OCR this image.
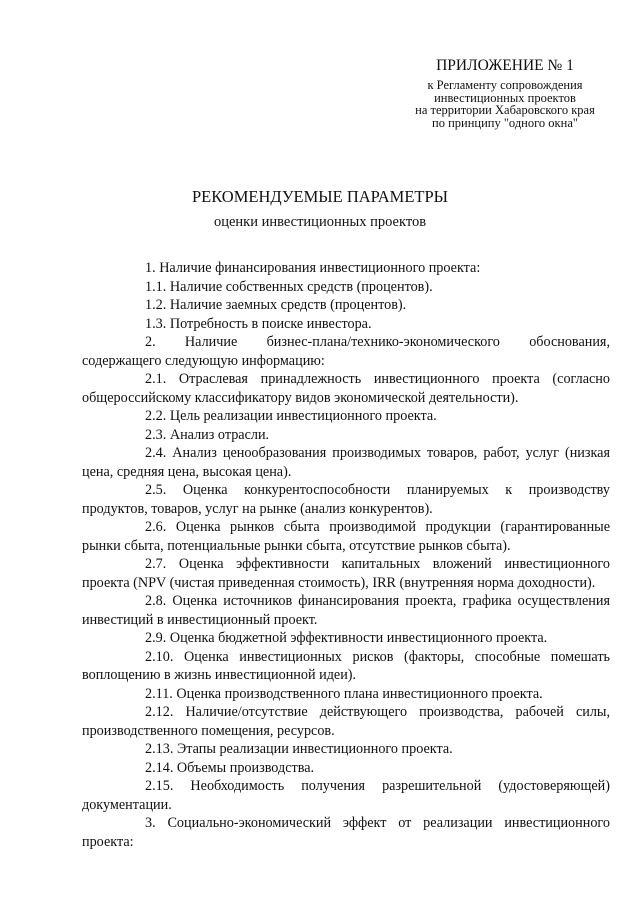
ПРИЛОЖЕНИЕ № 1
к Регламенту сопровождения
инвестиционных проектов
на территории Хабаровского края
по принципу "одного окна"
РЕКОМЕНДУЕМЫЕ ПАРАМЕТРЫ
оценки инвестиционных проектов

1. Наличие финансирования инвестиционного проекта:

1.1. Наличие собственных средств (процентов).

1.2. Наличие заемных средств (процентов).

1.3. Потребность в поиске инвестора.

2. Наличие бизнес-плана/технико-экономического обоснования, содержащего следующую информацию:

2.1. Отраслевая принадлежность инвестиционного проекта (согласно общероссийскому классификатору видов экономической деятельности).

2.2. Цель реализации инвестиционного проекта.

2.3. Анализ отрасли.

2.4. Анализ ценообразования производимых товаров, работ, услуг (низкая цена, средняя цена, высокая цена).

2.5. Оценка конкурентоспособности планируемых к производству продуктов, товаров, услуг на рынке (анализ конкурентов).

2.6. Оценка рынков сбыта производимой продукции (гарантированные рынки сбыта, потенциальные рынки сбыта, отсутствие рынков сбыта).

2.7. Оценка эффективности капитальных вложений инвестиционного проекта (NPV (чистая приведенная стоимость), IRR (внутренняя норма доходности).

2.8. Оценка источников финансирования проекта, графика осуществления инвестиций в инвестиционный проект.

2.9. Оценка бюджетной эффективности инвестиционного проекта.

2.10. Оценка инвестиционных рисков (факторы, способные помешать воплощению в жизнь инвестиционной идеи).

2.11. Оценка производственного плана инвестиционного проекта.

2.12. Наличие/отсутствие действующего производства, рабочей силы, производственного помещения, ресурсов.

2.13. Этапы реализации инвестиционного проекта.

2.14. Объемы производства.

2.15. Необходимость получения разрешительной (удостоверяющей) документации.

3. Социально-экономический эффект от реализации инвестиционного проекта:
